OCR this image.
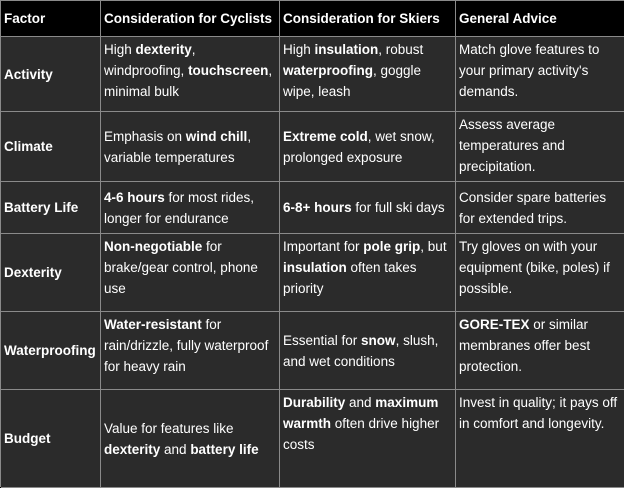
Factor	Consideration for Cyclists Consideration for Skiers	General Advice
Activity
High dexterity, windproofing, touchscreen, minimal bulk
High insulation, robust waterproofing, goggle wipe, leash
Match glove features to your primary activity's demands.
Climate
Emphasis on wind chill, variable temperatures
Extreme cold, wet snow, prolonged exposure
Assess average temperatures and precipitation.
Battery Life
4-6 hours for most rides, longer for endurance
6-8+ hours for full ski days
Consider spare batteries for extended trips.
Dexterity
Non-negotiable for brake/gear control, phone use
Important for pole grip, but insulation often takes priority
Try gloves on with your equipment (bike, poles) if possible.
Waterproofing
Water-resistant for rain/drizzle, fully waterproof for heavy rain
Essential for snow, slush, and wet conditions
GORE-TEX or similar membranes offer best protection.
Budget
Value for features like dexterity and battery life
Durability and maximum warmth often drive higher costs
Invest in quality; it pays off in comfort and longevity.
